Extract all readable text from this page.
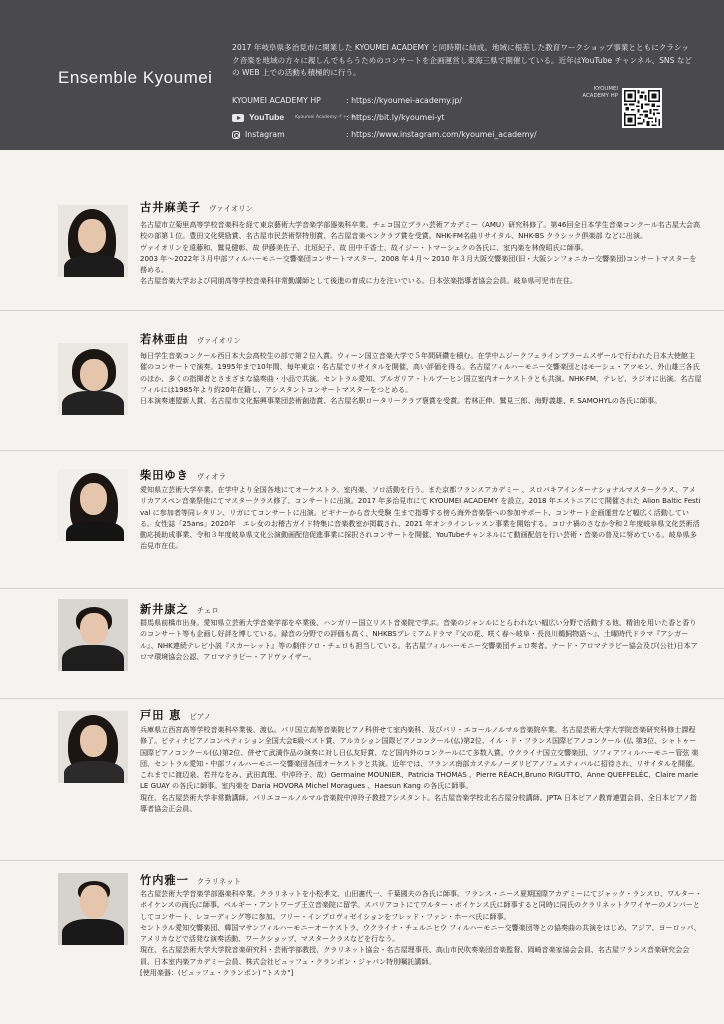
Ensemble Kyoumei
2017 年岐阜県多治見市に開業した KYOUMEI ACADEMY と同時期に結成。地域に根差した教育ワークショップ事業とともにクラシック音楽を地域の方々に親しんでもらうためのコンサートを企画運営し東海三県で開催している。近年はYouTube チャンネル、SNS などの WEB 上での活動も積極的に行う。
KYOUMEI ACADEMY HP	: https://kyoumei-academy.jp/
YouTube Kyoumei Academy チャンネル
: https://bit.ly/kyoumei-yt
Instagram	: https://www.instagram.com/kyoumei_academy/
KYOUMEI ACADEMY HP
古井麻美子 ヴァイオリン
名古屋市立菊里高等学校音楽科を経て東京藝術大学音楽学部器楽科卒業。チェコ国立プラハ芸術アカデミー（AMU）研究科修了。第46回全日本学生音楽コンクール名古屋大会高校の部第１位。豊田文化奨励賞、名古屋市民芸術祭特別賞、名古屋音楽ペンクラブ賞を受賞。NHK-FM名曲リサイタル、NHK-BS クラシック倶楽部 などに出演。
ヴァイオリンを遠藤和、鷲見健彰、故 伊藤美佐子、北垣紀子、故 田中千香士、故イジー・トマーシェクの各氏に、室内楽を林俊昭氏に師事。
2003 年～2022年３月中部フィルハーモニー交響楽団コンサートマスター、2008 年４月～ 2010 年３月大阪交響楽団(旧・大阪シンフォニカー交響楽団)コンサートマスターを務める。
名古屋音楽大学および同朋高等学校音楽科非常勤講師として後進の育成に力を注いでいる。日本弦楽指導者協会会員。岐阜県可児市在住。
若林亜由 ヴァイオリン
毎日学生音楽コンクール西日本大会高校生の部で第２位入賞。ウィーン国立音楽大学で５年間研鑽を積む。在学中ムジークフェラインブラームスザールで行われた日本大使館主催のコンサートで演奏。1995年まで10年間、毎年東京・名古屋でリサイタルを開催、高い評価を得る。名古屋フィルハーモニー交響楽団とはモーシェ・アツモン、外山雄三各氏のほか、多くの指揮者とさまざまな協奏曲・小品で共演。セントラル愛知、ブルガリア・トルブーヒン国立室内オーケストラとも共演。NHK-FM、テレビ、ラジオに出演。名古屋フィルには1985年より約20年在籍し、アシスタントコンサートマスターをつとめる。
日本演奏連盟新人賞、名古屋市文化振興事業団芸術創造賞、名古屋名駅ロータリークラブ褒賞を受賞。若林正伸、鷲見三郎、海野義雄、F. SAMOHYLの各氏に師事。
柴田ゆき ヴィオラ
愛知県立芸術大学卒業。在学中より全国各地にてオーケストラ、室内楽、ソロ活動を行う。また京都フランスアカデミー 、スロバキアインターナショナルマスタークラス、アメリカアスペン音楽祭他にてマスタークラス修了、コンサートに出演。2017 年多治見市にて KYOUMEI ACADEMY を設立。2018 年エストニアにて開催された Alion Baltic Festival に参加者等同レタリン、リガにてコンサートに出演。ビギナーから音大受験 生まで指導する傍ら海外音楽祭への参加サポート、コンサート企画運営など幅広く活動している。女性誌「25ans」2020年　エレ女のお稽古ガイド特集に音楽教室が掲載され、2021 年オンラインレッスン事業を開始する。コロナ禍のさなか令和２年度岐阜県文化芸術活動応援助成事業、令和３年度岐阜県文化公演動画配信促進事業に採択されコンサートを開催、YouTubeチャンネルにて動画配信を行い芸術・音楽の普及に努めている。岐阜県多治見市在住。
新井康之 チェロ
群馬県前橋市出身。愛知県立芸術大学音楽学部を卒業後、ハンガリー国立リスト音楽院で学ぶ。音楽のジャンルにとらわれない幅広い分野で活動する他、精油を用いた香と香りのコンサート等も企画し好評を博している。録音の分野での評価も高く、NHKBSプレミアムドラマ『父の花、咲く春～岐阜・長良川鵜飼物語～』、土曜時代ドラマ『アシガール』、NHK連続テレビ小説『スカーレット』等の劇伴ソロ・チェロも担当している。名古屋フィルハーモニー交響楽団チェロ奏者。ナード・アロマテラピー協会及び(公社)日本アロマ環境協会公認、アロマテラピー・アドヴァイザー。
戸田 恵 ピアノ
兵庫県立西宮高等学校音楽科卒業後、渡仏。パリ国立高等音楽院ピアノ科併せて室内楽科、及びパリ・エコールノルマル音楽院卒業。名古屋芸術大学大学院音楽研究科修士課程修了。ピティナピアノコンペティション全国大会E級ベスト賞、アルカション国際ピアノコンクール(仏)第2位、イル・ド・フランス国際ピアノコンクール (仏 第3位、シャトゥー国際ピアノコンクール(仏)第2位、併せて武満作品の演奏に対し日仏友好賞、など国内外のコンクールにて多数入賞。ウクライナ国立交響楽団、ソフィアフィルハーモニー管弦 楽団、セントラル愛知・中部フィルハーモニー交響楽団各団オーケストラと共演。近年では、フランス南部カステルノーダリピアノフェスティバルに招待され、リサイタルを開催。これまでに渡辺泉、若井なをみ、武田真理、中沖玲子、故）Germaine MOUNIER、Patricia THOMAS 、Pierre RÉACH,Bruno RIGUTTO、Anne QUEFFELÉC、Claire marie LE GUAY の各氏に師事。室内楽を Daria HOVORA Michel Moragues 、Haesun Kang の各氏に師事。
現在、名古屋芸術大学非常勤講師。パリエコールノルマル音楽院中沖玲子教授アシスタント。名古屋音楽学校北名古屋分校講師。JPTA 日本ピアノ教育連盟会員、全日本ピアノ指導者協会正会員。
竹内雅一 クラリネット
名古屋芸術大学音楽学部器楽科卒業。クラリネットを小松孝文、山田憲代一、千葉國夫の各氏に師事。フランス・ニース夏期国際アカデミーにてジャック・ランスロ、ワルター・ボイケンスの両氏に師事。ベルギー・アントワープ王立音楽院に留学。スパリアコトにてワルター・ボイケンス氏に師事すると同時に同氏のクラリネットクワイヤーのメンバーとしてコンサート、レコーディング等に参加。フリー・インプロヴィゼイションをフレッド・ファン・ホーベ氏に師事。
セントラル愛知交響楽団、韓国マサンフィルハーモニーオーケストラ、ウクライナ・チェルニヒウ フィルハーモニー交響楽団等との協奏曲の共演をはじめ、アジア、ヨーロッパ、アメリカなどで活発な演奏活動、ワークショップ、マスタークラスなどを行なう。
現在、名古屋芸術大学大学院音楽研究科・芸術学部教授、クラリネット協会・名古屋理事長、高山市民吹奏楽団音楽監督、岡崎音楽家協会会員、名古屋フランス音楽研究会会員、日本室内楽アカデミー会員、株式会社ビュッフェ・クランポン・ジャパン特別嘱託講師。
[使用楽器：(ビュッフェ・クランポン) "トスカ"]
